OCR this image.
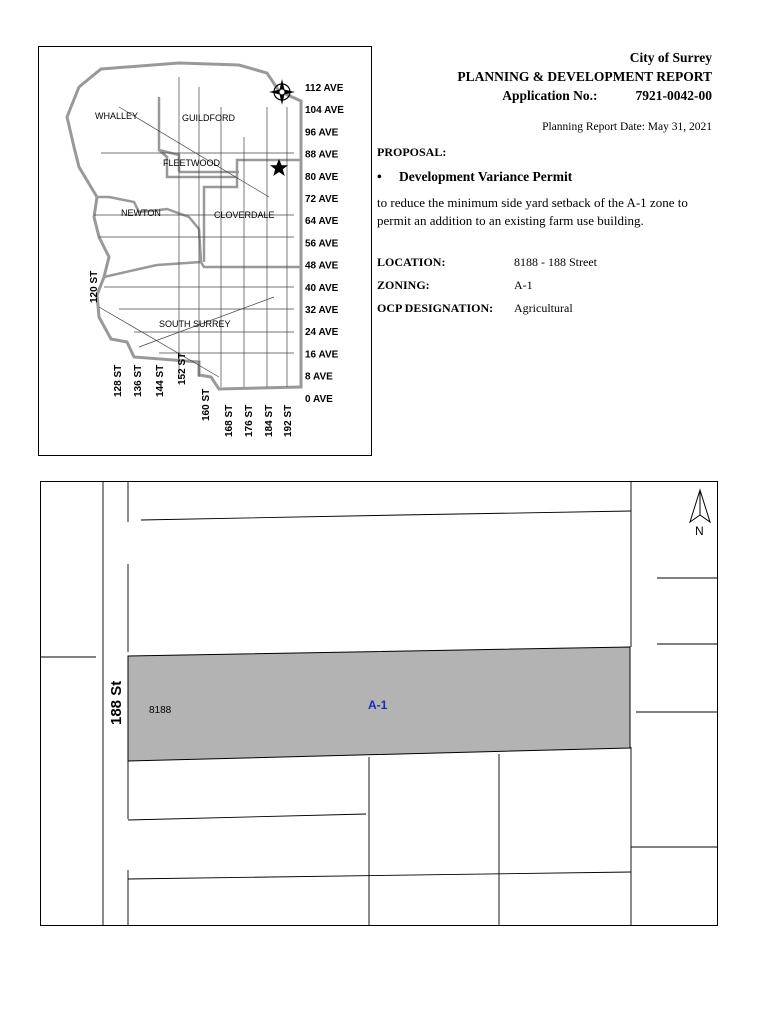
WHALLEY	GUILDFORD
FLEETWOOD
NEWTON	CLOVERDALE
SOUTH SURREY
112 AVE
104 AVE
96 AVE
88 AVE
80 AVE
72 AVE
64 AVE
56 AVE
48 AVE
40 AVE
32 AVE
24 AVE
16 AVE
8 AVE
0 AVE
120 ST
128 ST 136 ST 144 ST 152 ST
160 ST 168 ST 176 ST 184 ST 192 ST
City of Surrey
PLANNING & DEVELOPMENT REPORT
Application No.:	7921-0042-00
Planning Report Date: May 31, 2021
PROPOSAL:
• Development Variance Permit
to reduce the minimum side yard setback of the A-1 zone to permit an addition to an existing farm use building.
LOCATION:	8188 - 188 Street
ZONING:	A-1
OCP DESIGNATION: Agricultural
8188	A-1
188 St
N
